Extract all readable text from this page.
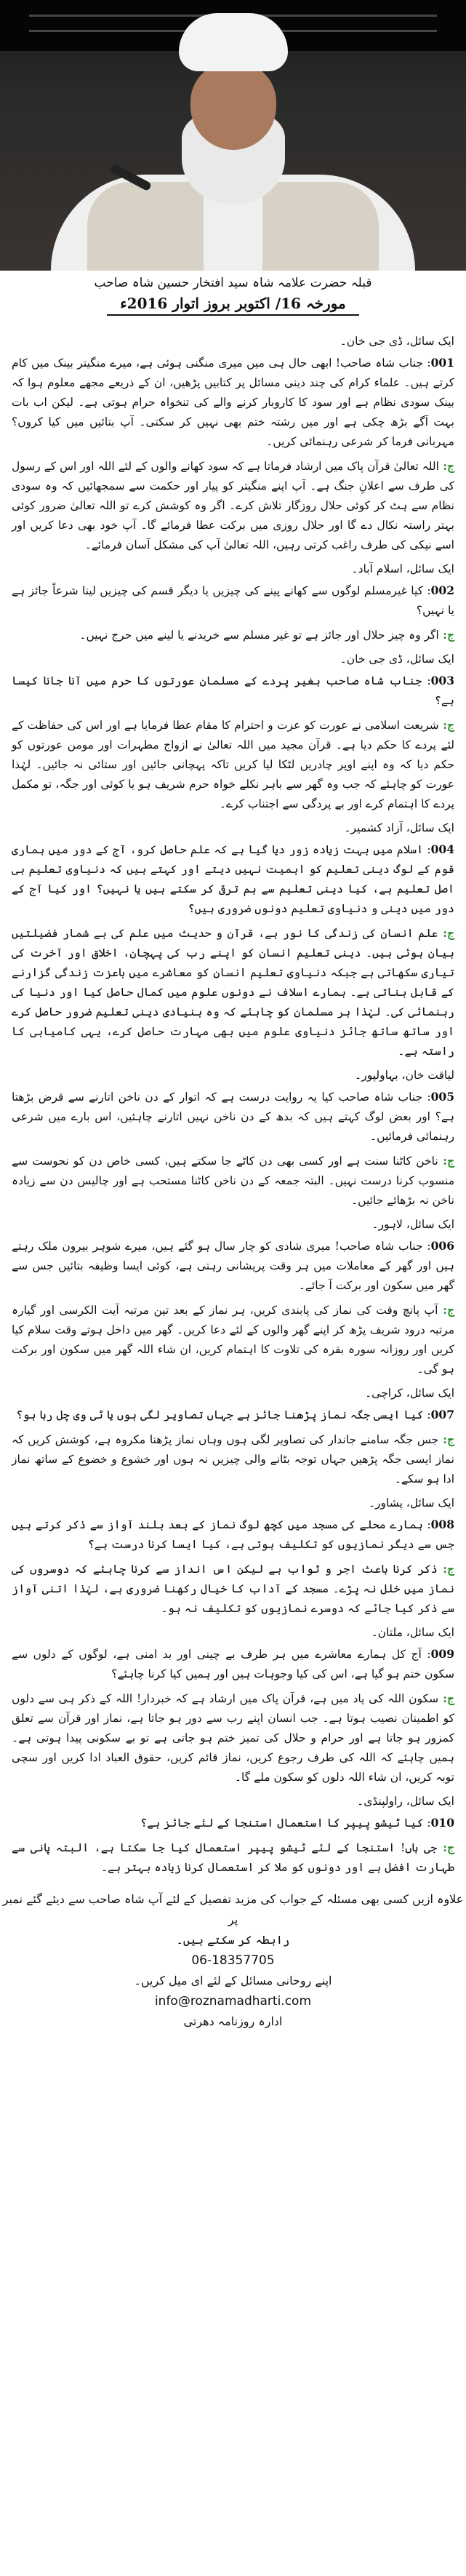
قبلہ حضرت علامہ شاہ سید افتخار حسین شاہ صاحب
مورخہ 16/ اکتوبر بروز اتوار 2016ء
ایک سائل، ڈی جی خان۔
001: جناب شاہ صاحب! ابھی حال ہی میں میری منگنی ہوئی ہے، میرے منگیتر بینک میں کام کرتے ہیں۔ علماء کرام کی چند دینی مسائل پر کتابیں پڑھیں، ان کے ذریعے مجھے معلوم ہوا کہ بینک سودی نظام ہے اور سود کا کاروبار کرنے والے کی تنخواہ حرام ہوتی ہے۔ لیکن اب بات بہت آگے بڑھ چکی ہے اور میں رشتہ ختم بھی نہیں کر سکتی۔ آپ بتائیں میں کیا کروں؟ مہربانی فرما کر شرعی رہنمائی کریں۔
ج: اللہ تعالیٰ قرآن پاک میں ارشاد فرماتا ہے کہ سود کھانے والوں کے لئے اللہ اور اس کے رسول کی طرف سے اعلانِ جنگ ہے۔ آپ اپنے منگیتر کو پیار اور حکمت سے سمجھائیں کہ وہ سودی نظام سے ہٹ کر کوئی حلال روزگار تلاش کرے۔ اگر وہ کوشش کرے تو اللہ تعالیٰ ضرور کوئی بہتر راستہ نکال دے گا اور حلال روزی میں برکت عطا فرمائے گا۔ آپ خود بھی دعا کریں اور اسے نیکی کی طرف راغب کرتی رہیں، اللہ تعالیٰ آپ کی مشکل آسان فرمائے۔
ایک سائل، اسلام آباد۔
002: کیا غیرمسلم لوگوں سے کھانے پینے کی چیزیں یا دیگر قسم کی چیزیں لینا شرعاً جائز ہے یا نہیں؟
ج: اگر وہ چیز حلال اور جائز ہے تو غیر مسلم سے خریدنے یا لینے میں حرج نہیں۔
ایک سائل، ڈی جی خان۔
003: جناب شاہ صاحب بغیر پردے کے مسلمان عورتوں کا حرم میں آنا جانا کیسا ہے؟
ج: شریعت اسلامی نے عورت کو عزت و احترام کا مقام عطا فرمایا ہے اور اس کی حفاظت کے لئے پردے کا حکم دیا ہے۔ قرآن مجید میں اللہ تعالیٰ نے ازواج مطہرات اور مومن عورتوں کو حکم دیا کہ وہ اپنے اوپر چادریں لٹکا لیا کریں تاکہ پہچانی جائیں اور ستائی نہ جائیں۔ لہٰذا عورت کو چاہئے کہ جب وہ گھر سے باہر نکلے خواہ حرم شریف ہو یا کوئی اور جگہ، تو مکمل پردے کا اہتمام کرے اور بے پردگی سے اجتناب کرے۔
ایک سائل، آزاد کشمیر۔
004: اسلام میں بہت زیادہ زور دیا گیا ہے کہ علم حاصل کرو، آج کے دور میں ہماری قوم کے لوگ دینی تعلیم کو اہمیت نہیں دیتے اور کہتے ہیں کہ دنیاوی تعلیم ہی اصل تعلیم ہے، کیا دینی تعلیم سے ہم ترقی کر سکتے ہیں یا نہیں؟ اور کیا آج کے دور میں دینی و دنیاوی تعلیم دونوں ضروری ہیں؟
ج: علم انسان کی زندگی کا نور ہے، قرآن و حدیث میں علم کی بے شمار فضیلتیں بیان ہوئی ہیں۔ دینی تعلیم انسان کو اپنے رب کی پہچان، اخلاق اور آخرت کی تیاری سکھاتی ہے جبکہ دنیاوی تعلیم انسان کو معاشرے میں باعزت زندگی گزارنے کے قابل بناتی ہے۔ ہمارے اسلاف نے دونوں علوم میں کمال حاصل کیا اور دنیا کی رہنمائی کی۔ لہٰذا ہر مسلمان کو چاہئے کہ وہ بنیادی دینی تعلیم ضرور حاصل کرے اور ساتھ ساتھ جائز دنیاوی علوم میں بھی مہارت حاصل کرے، یہی کامیابی کا راستہ ہے۔
لیاقت خان، بہاولپور۔
005: جناب شاہ صاحب کیا یہ روایت درست ہے کہ اتوار کے دن ناخن اتارنے سے قرض بڑھتا ہے؟ اور بعض لوگ کہتے ہیں کہ بدھ کے دن ناخن نہیں اتارنے چاہئیں، اس بارے میں شرعی رہنمائی فرمائیں۔
ج: ناخن کاٹنا سنت ہے اور کسی بھی دن کاٹے جا سکتے ہیں، کسی خاص دن کو نحوست سے منسوب کرنا درست نہیں۔ البتہ جمعہ کے دن ناخن کاٹنا مستحب ہے اور چالیس دن سے زیادہ ناخن نہ بڑھائے جائیں۔
ایک سائل، لاہور۔
006: جناب شاہ صاحب! میری شادی کو چار سال ہو گئے ہیں، میرے شوہر بیرون ملک رہتے ہیں اور گھر کے معاملات میں ہر وقت پریشانی رہتی ہے، کوئی ایسا وظیفہ بتائیں جس سے گھر میں سکون اور برکت آ جائے۔
ج: آپ پانچ وقت کی نماز کی پابندی کریں، ہر نماز کے بعد تین مرتبہ آیت الکرسی اور گیارہ مرتبہ درود شریف پڑھ کر اپنے گھر والوں کے لئے دعا کریں۔ گھر میں داخل ہوتے وقت سلام کیا کریں اور روزانہ سورہ بقرہ کی تلاوت کا اہتمام کریں، ان شاء اللہ گھر میں سکون اور برکت ہو گی۔
ایک سائل، کراچی۔
007: کیا ایسی جگہ نماز پڑھنا جائز ہے جہاں تصاویر لگی ہوں یا ٹی وی چل رہا ہو؟
ج: جس جگہ سامنے جاندار کی تصاویر لگی ہوں وہاں نماز پڑھنا مکروہ ہے، کوشش کریں کہ نماز ایسی جگہ پڑھیں جہاں توجہ بٹانے والی چیزیں نہ ہوں اور خشوع و خضوع کے ساتھ نماز ادا ہو سکے۔
ایک سائل، پشاور۔
008: ہمارے محلے کی مسجد میں کچھ لوگ نماز کے بعد بلند آواز سے ذکر کرتے ہیں جس سے دیگر نمازیوں کو تکلیف ہوتی ہے، کیا ایسا کرنا درست ہے؟
ج: ذکر کرنا باعث اجر و ثواب ہے لیکن اس انداز سے کرنا چاہئے کہ دوسروں کی نماز میں خلل نہ پڑے۔ مسجد کے آداب کا خیال رکھنا ضروری ہے، لہٰذا اتنی آواز سے ذکر کیا جائے کہ دوسرے نمازیوں کو تکلیف نہ ہو۔
ایک سائل، ملتان۔
009: آج کل ہمارے معاشرے میں ہر طرف بے چینی اور بد امنی ہے، لوگوں کے دلوں سے سکون ختم ہو گیا ہے، اس کی کیا وجوہات ہیں اور ہمیں کیا کرنا چاہئے؟
ج: سکون اللہ کی یاد میں ہے، قرآن پاک میں ارشاد ہے کہ خبردار! اللہ کے ذکر ہی سے دلوں کو اطمینان نصیب ہوتا ہے۔ جب انسان اپنے رب سے دور ہو جاتا ہے، نماز اور قرآن سے تعلق کمزور ہو جاتا ہے اور حرام و حلال کی تمیز ختم ہو جاتی ہے تو بے سکونی پیدا ہوتی ہے۔ ہمیں چاہئے کہ اللہ کی طرف رجوع کریں، نماز قائم کریں، حقوق العباد ادا کریں اور سچی توبہ کریں، ان شاء اللہ دلوں کو سکون ملے گا۔
ایک سائل، راولپنڈی۔
010: کیا ٹیشو پیپر کا استعمال استنجا کے لئے جائز ہے؟
ج: جی ہاں! استنجا کے لئے ٹیشو پیپر استعمال کیا جا سکتا ہے، البتہ پانی سے طہارت افضل ہے اور دونوں کو ملا کر استعمال کرنا زیادہ بہتر ہے۔
علاوہ ازیں کسی بھی مسئلہ کے جواب کی مزید تفصیل کے لئے آپ شاہ صاحب سے دیئے گئے نمبر پر
رابطہ کر سکتے ہیں۔
06-18357705
اپنے روحانی مسائل کے لئے ای میل کریں۔
info@roznamadharti.com
ادارہ روزنامہ دھرتی
